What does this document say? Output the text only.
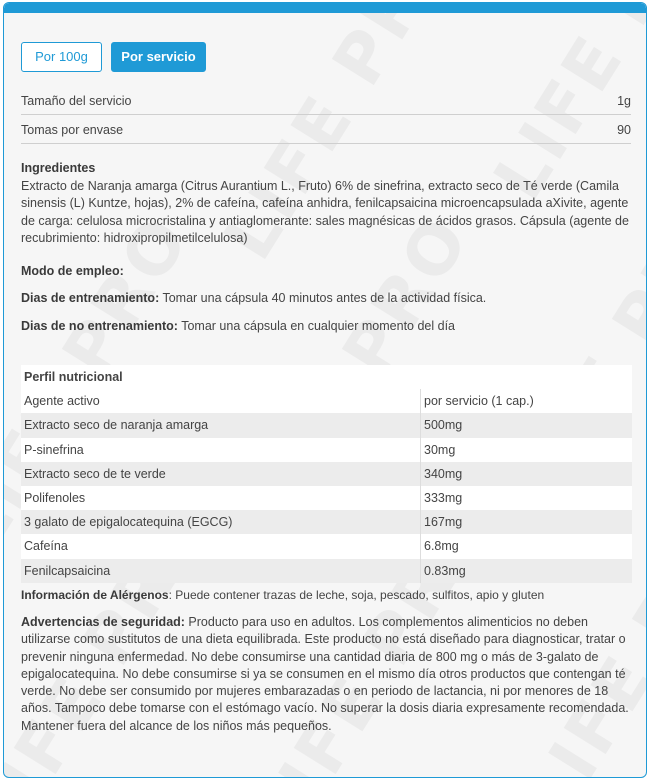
Por 100g	Por servicio
Tamaño del servicio	1g
Tomas por envase	90
Ingredientes
Extracto de Naranja amarga (Citrus Aurantium L., Fruto) 6% de sinefrina, extracto seco de Té verde (Camila sinensis (L) Kuntze, hojas), 2% de cafeína, cafeína anhidra, fenilcapsaicina microencapsulada aXivite, agente de carga: celulosa microcristalina y antiaglomerante: sales magnésicas de ácidos grasos. Cápsula (agente de recubrimiento: hidroxipropilmetilcelulosa)
Modo de empleo:
Dias de entrenamiento: Tomar una cápsula 40 minutos antes de la actividad física.
Dias de no entrenamiento: Tomar una cápsula en cualquier momento del día
Perfil nutricional	
Agente activo	por servicio (1 cap.)
Extracto seco de naranja amarga	500mg
P-sinefrina	30mg
Extracto seco de te verde	340mg
Polifenoles	333mg
3 galato de epigalocatequina (EGCG)	167mg
Cafeína	6.8mg
Fenilcapsaicina	0.83mg
Información de Alérgenos: Puede contener trazas de leche, soja, pescado, sulfitos, apio y gluten
Advertencias de seguridad: Producto para uso en adultos. Los complementos alimenticios no deben utilizarse como sustitutos de una dieta equilibrada. Este producto no está diseñado para diagnosticar, tratar o prevenir ninguna enfermedad. No debe consumirse una cantidad diaria de 800 mg o más de 3-galato de epigalocatequina. No debe consumirse si ya se consumen en el mismo día otros productos que contengan té verde. No debe ser consumido por mujeres embarazadas o en periodo de lactancia, ni por menores de 18 años. Tampoco debe tomarse con el estómago vacío. No superar la dosis diaria expresamente recomendada. Mantener fuera del alcance de los niños más pequeños.
